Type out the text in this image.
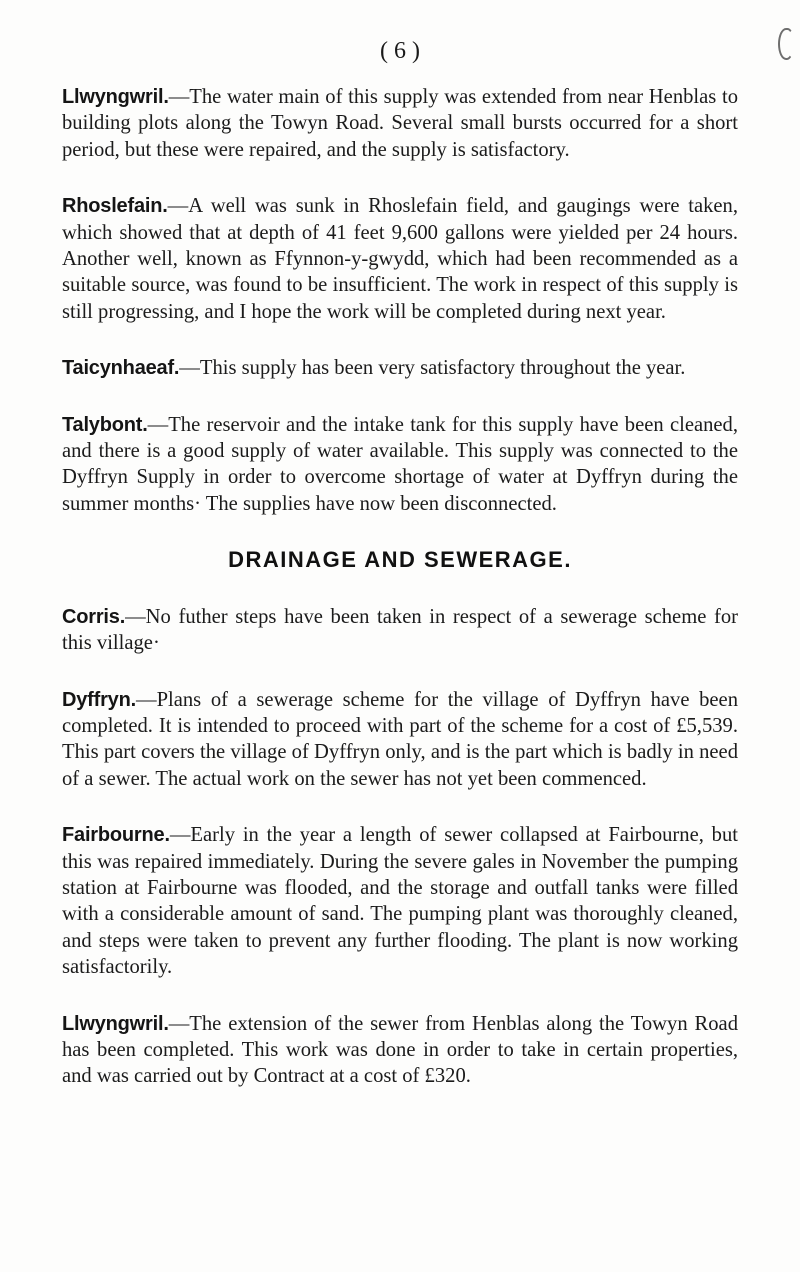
( 6 )

Llwyngwril.—The water main of this supply was extended from near Henblas to building plots along the Towyn Road. Several small bursts occurred for a short period, but these were repaired, and the supply is satisfactory.

Rhoslefain.—A well was sunk in Rhoslefain field, and gaugings were taken, which showed that at depth of 41 feet 9,600 gallons were yielded per 24 hours. Another well, known as Ffynnon-y-gwydd, which had been recommended as a suitable source, was found to be insufficient. The work in respect of this supply is still progressing, and I hope the work will be completed during next year.

Taicynhaeaf.—This supply has been very satisfactory throughout the year.

Talybont.—The reservoir and the intake tank for this supply have been cleaned, and there is a good supply of water available. This supply was connected to the Dyffryn Supply in order to overcome shortage of water at Dyffryn during the summer months· The supplies have now been disconnected.

DRAINAGE AND SEWERAGE.

Corris.—No futher steps have been taken in respect of a sewerage scheme for this village·

Dyffryn.—Plans of a sewerage scheme for the village of Dyffryn have been completed. It is intended to proceed with part of the scheme for a cost of £5,539. This part covers the village of Dyffryn only, and is the part which is badly in need of a sewer. The actual work on the sewer has not yet been commenced.

Fairbourne.—Early in the year a length of sewer collapsed at Fairbourne, but this was repaired immediately. During the severe gales in November the pumping station at Fairbourne was flooded, and the storage and outfall tanks were filled with a considerable amount of sand. The pumping plant was thoroughly cleaned, and steps were taken to prevent any further flooding. The plant is now working satisfactorily.

Llwyngwril.—The extension of the sewer from Henblas along the Towyn Road has been completed. This work was done in order to take in certain properties, and was carried out by Contract at a cost of £320.
